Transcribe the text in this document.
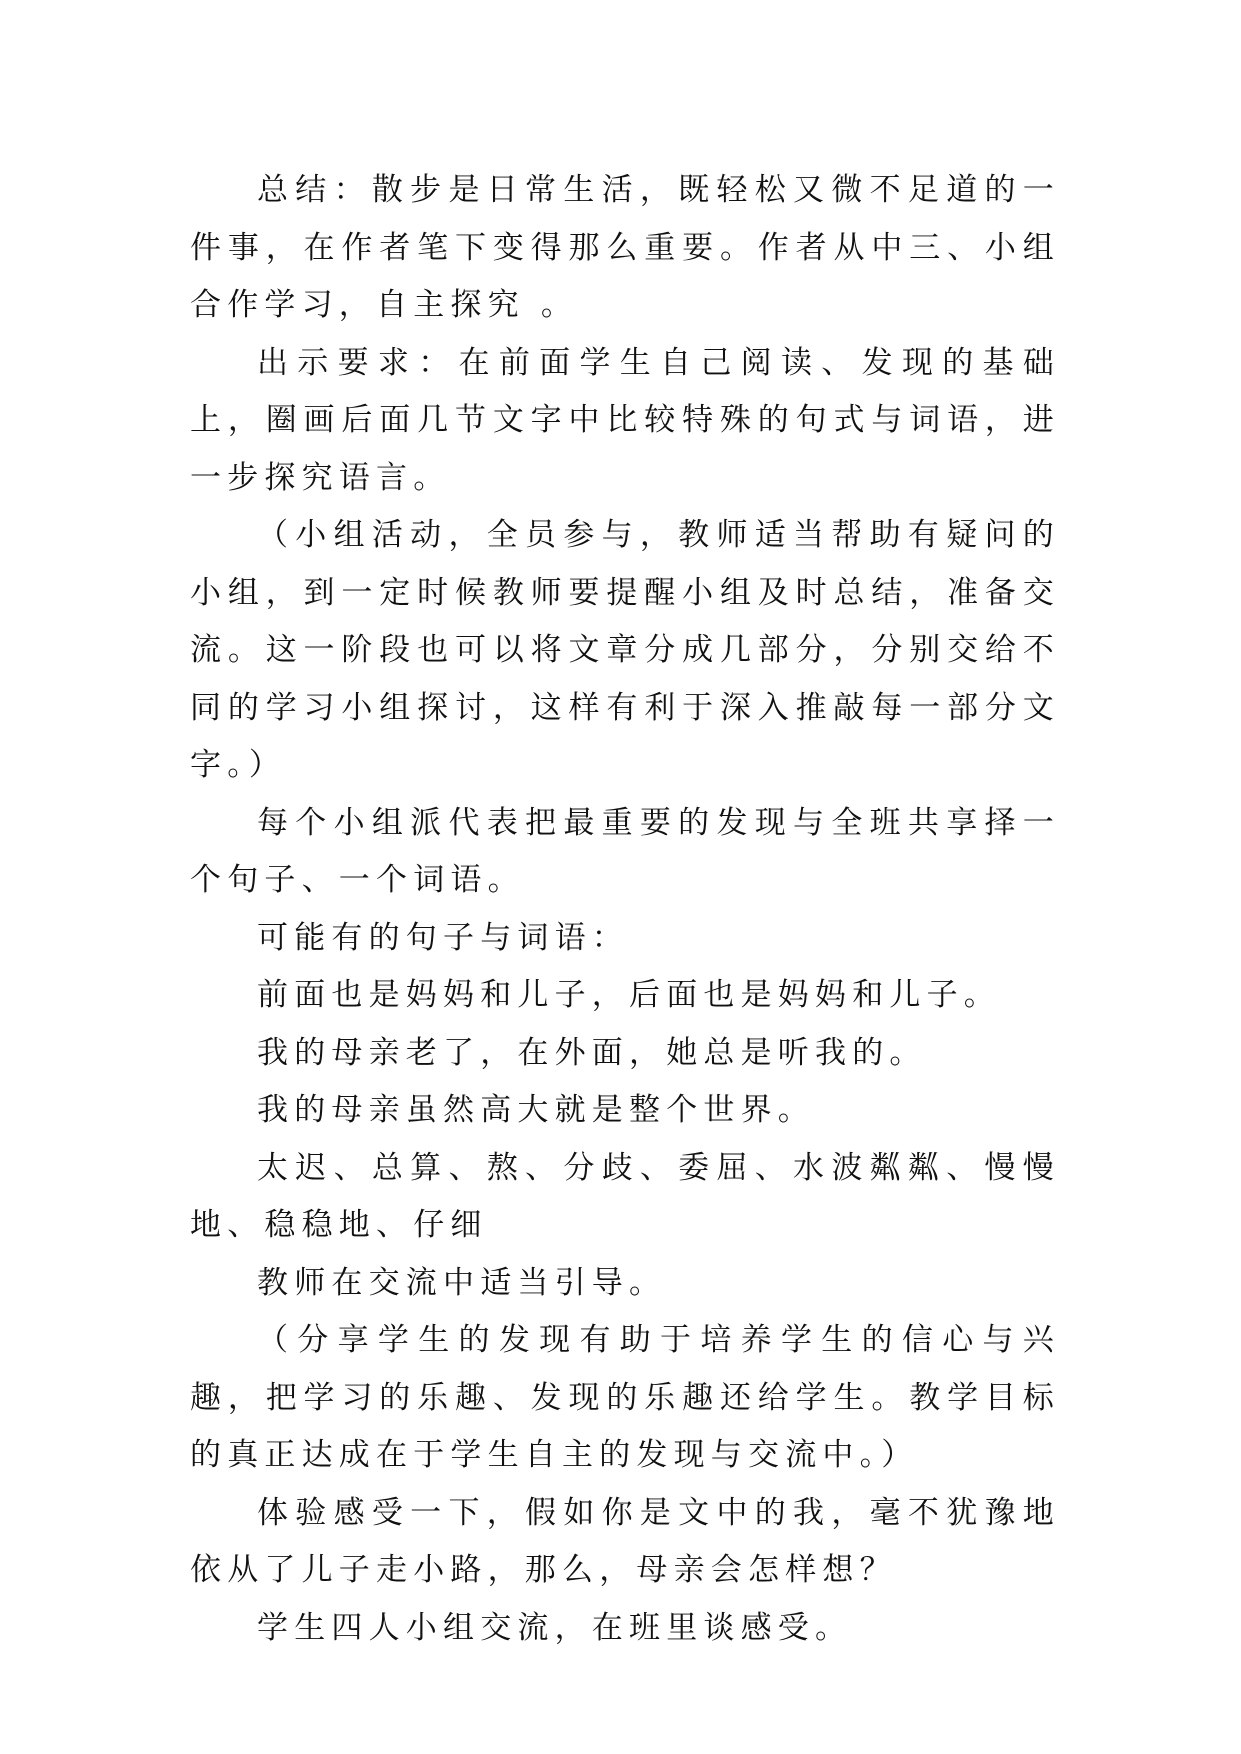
总结：散步是日常生活，既轻松又微不足道的一件事，在作者笔下变得那么重要。作者从中三、小组合作学习，自主探究 。

出示要求：在前面学生自己阅读、发现的基础上，圈画后面几节文字中比较特殊的句式与词语，进一步探究语言。

（小组活动，全员参与，教师适当帮助有疑问的小组，到一定时候教师要提醒小组及时总结，准备交流。这一阶段也可以将文章分成几部分，分别交给不同的学习小组探讨，这样有利于深入推敲每一部分文字。）

每个小组派代表把最重要的发现与全班共享择一个句子、一个词语。

可能有的句子与词语：

前面也是妈妈和儿子，后面也是妈妈和儿子。

我的母亲老了，在外面，她总是听我的。

我的母亲虽然高大就是整个世界。

太迟、总算、熬、分歧、委屈、水波粼粼、慢慢地、稳稳地、仔细

教师在交流中适当引导。

（分享学生的发现有助于培养学生的信心与兴趣，把学习的乐趣、发现的乐趣还给学生。教学目标的真正达成在于学生自主的发现与交流中。）

体验感受一下，假如你是文中的我，毫不犹豫地依从了儿子走小路，那么，母亲会怎样想？

学生四人小组交流，在班里谈感受。
